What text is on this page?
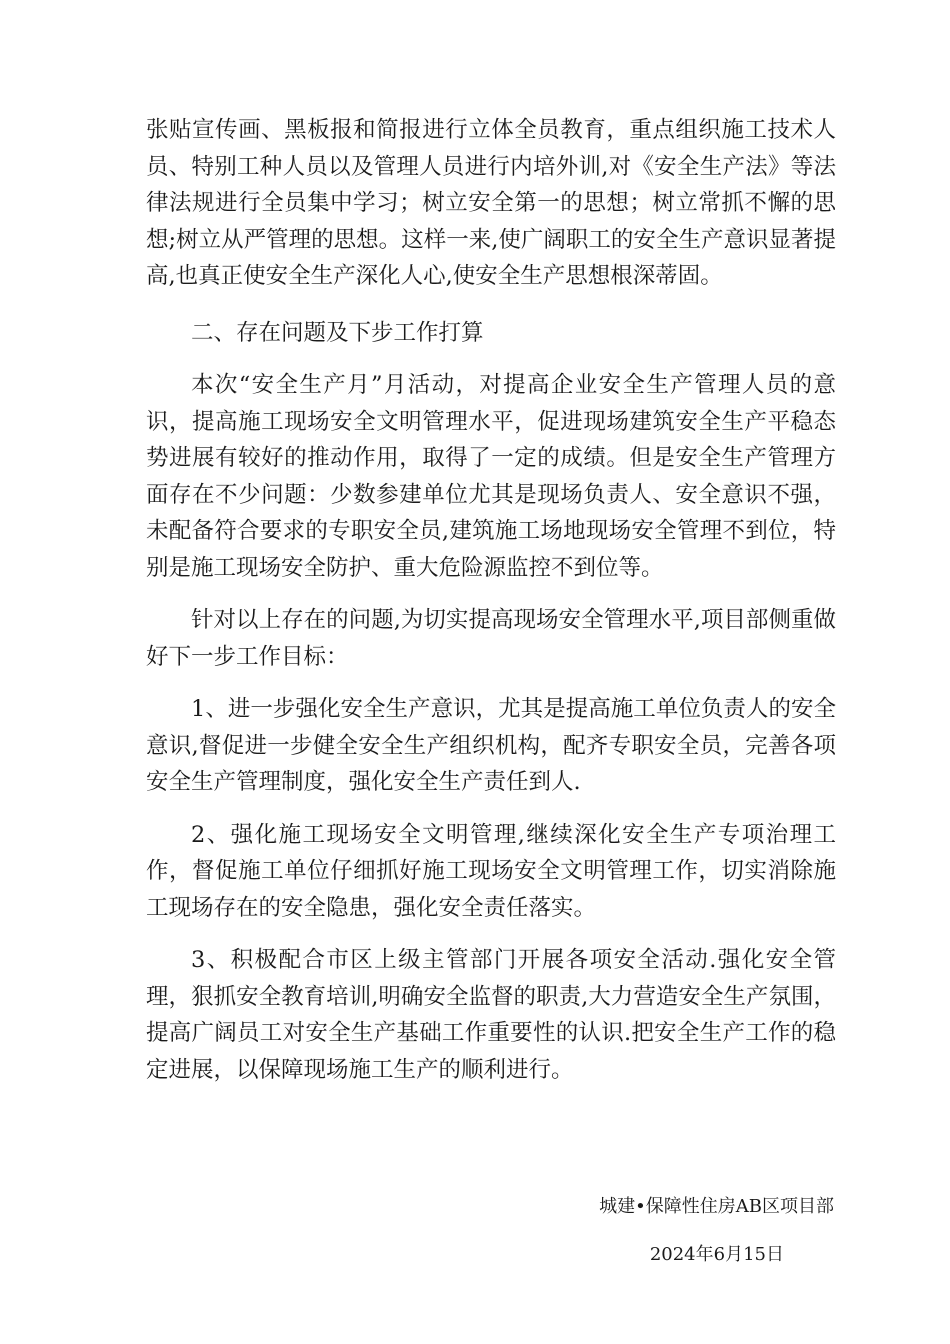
张贴宣传画、黑板报和简报进行立体全员教育，重点组织施工技术人员、特别工种人员以及管理人员进行内培外训,对《安全生产法》等法律法规进行全员集中学习；树立安全第一的思想；树立常抓不懈的思想;树立从严管理的思想。这样一来,使广阔职工的安全生产意识显著提高,也真正使安全生产深化人心,使安全生产思想根深蒂固。

二、存在问题及下步工作打算

本次“安全生产月”月活动，对提高企业安全生产管理人员的意识，提高施工现场安全文明管理水平，促进现场建筑安全生产平稳态势进展有较好的推动作用，取得了一定的成绩。但是安全生产管理方面存在不少问题：少数参建单位尤其是现场负责人、安全意识不强，未配备符合要求的专职安全员,建筑施工场地现场安全管理不到位，特别是施工现场安全防护、重大危险源监控不到位等。

针对以上存在的问题,为切实提高现场安全管理水平,项目部侧重做好下一步工作目标：

1、进一步强化安全生产意识，尤其是提高施工单位负责人的安全意识,督促进一步健全安全生产组织机构，配齐专职安全员，完善各项安全生产管理制度，强化安全生产责任到人.

2、强化施工现场安全文明管理,继续深化安全生产专项治理工作，督促施工单位仔细抓好施工现场安全文明管理工作，切实消除施工现场存在的安全隐患，强化安全责任落实。

3、积极配合市区上级主管部门开展各项安全活动.强化安全管理，狠抓安全教育培训,明确安全监督的职责,大力营造安全生产氛围，提高广阔员工对安全生产基础工作重要性的认识.把安全生产工作的稳定进展，以保障现场施工生产的顺利进行。

城建•保障性住房AB区项目部
2024年6月15日
